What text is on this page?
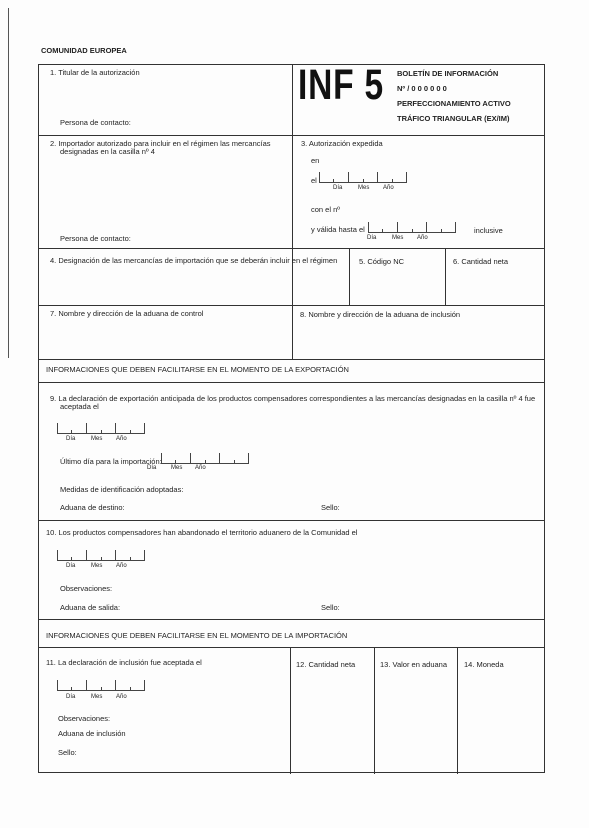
COMUNIDAD EUROPEA
1. Titular de la autorización
Persona de contacto:
INF 5 BOLETÍN DE INFORMACIÓN
Nº / 0 0 0 0 0 0
PERFECCIONAMIENTO ACTIVO
TRÁFICO TRIANGULAR (EX/IM)
2. Importador autorizado para incluir en el régimen las mercancías
designadas en la casilla nº 4
Persona de contacto:
3. Autorización expedida
en
el
Día	Mes Año
con el nº
y válida hasta el
Día	Mes Año
inclusive
4. Designación de las mercancías de importación que se deberán incluir en el régimen	5. Código NC	6. Cantidad neta
7. Nombre y dirección de la aduana de control	8. Nombre y dirección de la aduana de inclusión
INFORMACIONES QUE DEBEN FACILITARSE EN EL MOMENTO DE LA EXPORTACIÓN
9. La declaración de exportación anticipada de los productos compensadores correspondientes a las mercancías designadas en la casilla nº 4 fue
aceptada el
Día	Mes Año
Último día para la importación:
Día Mes Año
Medidas de identificación adoptadas:
Aduana de destino:	Sello:
10. Los productos compensadores han abandonado el territorio aduanero de la Comunidad el
Día	Mes Año
Observaciones:
Aduana de salida:	Sello:
INFORMACIONES QUE DEBEN FACILITARSE EN EL MOMENTO DE LA IMPORTACIÓN
11. La declaración de inclusión fue aceptada el
Día	Mes Año
Observaciones:
Aduana de inclusión
Sello:
12. Cantidad neta	13. Valor en aduana 14. Moneda
